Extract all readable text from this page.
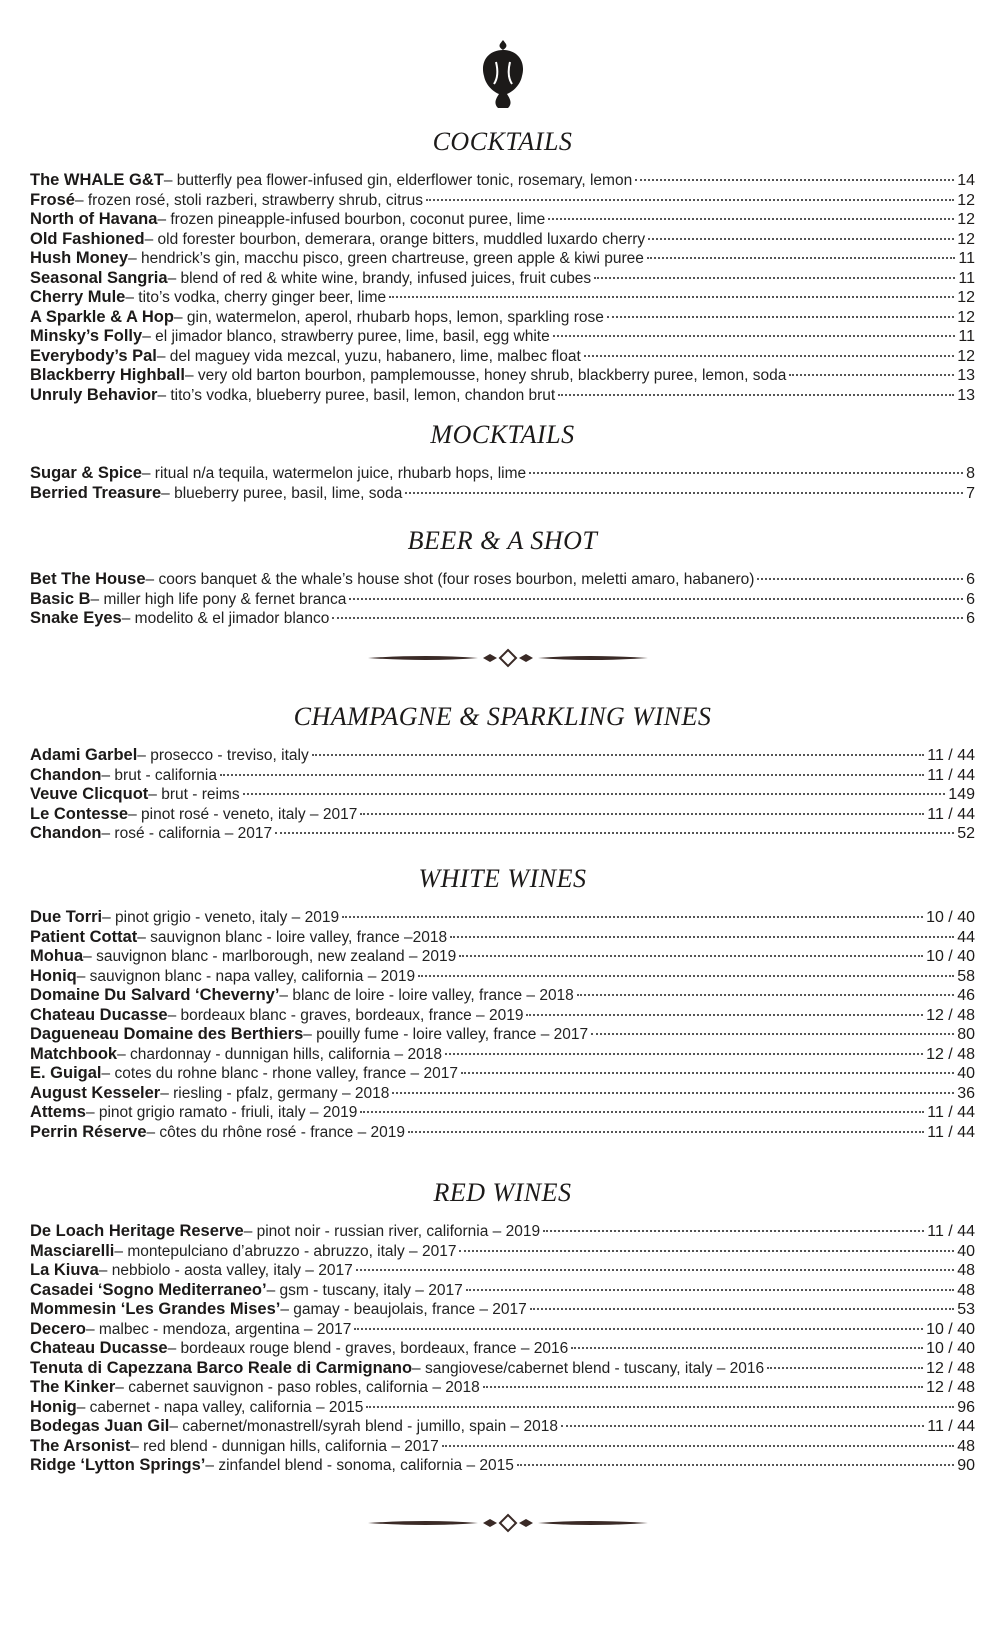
COCKTAILS
The WHALE G&T – butterfly pea flower-infused gin, elderflower tonic, rosemary, lemon	14
Frosé – frozen rosé, stoli razberi, strawberry shrub, citrus	12
North of Havana – frozen pineapple-infused bourbon, coconut puree, lime	12
Old Fashioned – old forester bourbon, demerara, orange bitters, muddled luxardo cherry	12
Hush Money – hendrick’s gin, macchu pisco, green chartreuse, green apple & kiwi puree	11
Seasonal Sangria – blend of red & white wine, brandy, infused juices, fruit cubes	11
Cherry Mule – tito’s vodka, cherry ginger beer, lime	12
A Sparkle & A Hop – gin, watermelon, aperol, rhubarb hops, lemon, sparkling rose	12
Minsky’s Folly – el jimador blanco, strawberry puree, lime, basil, egg white	11
Everybody’s Pal – del maguey vida mezcal, yuzu, habanero, lime, malbec float	12
Blackberry Highball – very old barton bourbon, pamplemousse, honey shrub, blackberry puree, lemon, soda	13
Unruly Behavior – tito’s vodka, blueberry puree, basil, lemon, chandon brut	13
MOCKTAILS
Sugar & Spice – ritual n/a tequila, watermelon juice, rhubarb hops, lime	8
Berried Treasure – blueberry puree, basil, lime, soda	7
BEER & A SHOT
Bet The House – coors banquet & the whale’s house shot (four roses bourbon, meletti amaro, habanero)	6
Basic B – miller high life pony & fernet branca	6
Snake Eyes – modelito & el jimador blanco	6
CHAMPAGNE & SPARKLING WINES
Adami Garbel – prosecco - treviso, italy	11 / 44
Chandon – brut - california	11 / 44
Veuve Clicquot – brut - reims	149
Le Contesse – pinot rosé - veneto, italy – 2017	11 / 44
Chandon – rosé - california – 2017	52
WHITE WINES
Due Torri – pinot grigio - veneto, italy – 2019	10 / 40
Patient Cottat – sauvignon blanc - loire valley, france –2018	44
Mohua – sauvignon blanc - marlborough, new zealand – 2019	10 / 40
Honiq – sauvignon blanc - napa valley, california – 2019	58
Domaine Du Salvard ‘Cheverny’ – blanc de loire - loire valley, france – 2018	46
Chateau Ducasse – bordeaux blanc - graves, bordeaux, france – 2019	12 / 48
Dagueneau Domaine des Berthiers – pouilly fume - loire valley, france – 2017	80
Matchbook – chardonnay - dunnigan hills, california – 2018	12 / 48
E. Guigal – cotes du rohne blanc - rhone valley, france – 2017	40
August Kesseler – riesling - pfalz, germany – 2018	36
Attems – pinot grigio ramato - friuli, italy – 2019	11 / 44
Perrin Réserve – côtes du rhône rosé - france – 2019	11 / 44
RED WINES
De Loach Heritage Reserve – pinot noir - russian river, california – 2019	11 / 44
Masciarelli – montepulciano d’abruzzo - abruzzo, italy – 2017	40
La Kiuva – nebbiolo - aosta valley, italy – 2017	48
Casadei ‘Sogno Mediterraneo’ – gsm - tuscany, italy – 2017	48
Mommesin ‘Les Grandes Mises’ – gamay - beaujolais, france – 2017	53
Decero – malbec - mendoza, argentina – 2017	10 / 40
Chateau Ducasse – bordeaux rouge blend - graves, bordeaux, france – 2016	10 / 40
Tenuta di Capezzana Barco Reale di Carmignano – sangiovese/cabernet blend - tuscany, italy – 2016	12 / 48
The Kinker – cabernet sauvignon - paso robles, california – 2018	12 / 48
Honig – cabernet - napa valley, california – 2015	96
Bodegas Juan Gil – cabernet/monastrell/syrah blend - jumillo, spain – 2018	11 / 44
The Arsonist – red blend - dunnigan hills, california – 2017	48
Ridge ‘Lytton Springs’ – zinfandel blend - sonoma, california – 2015	90
